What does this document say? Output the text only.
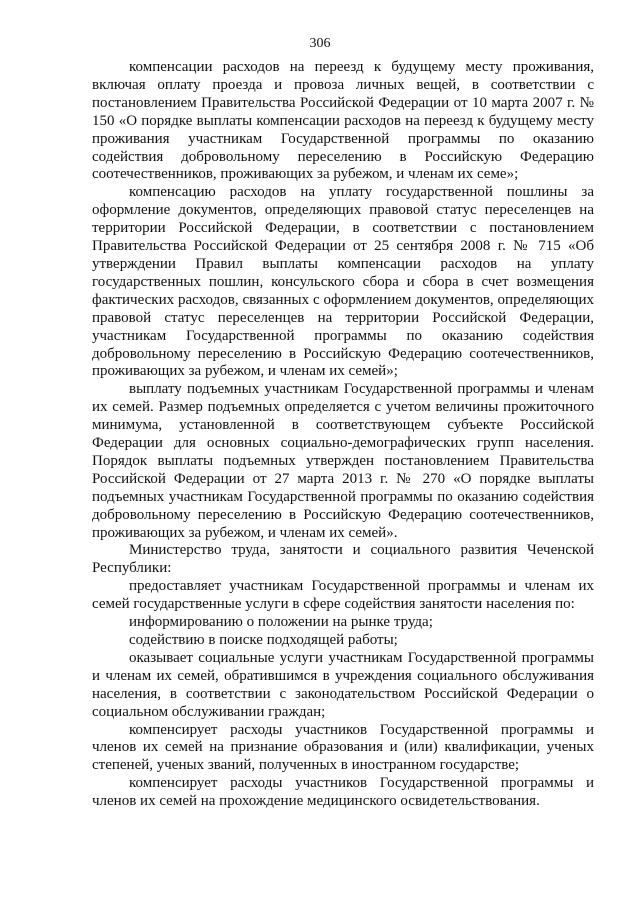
306

компенсации расходов на переезд к будущему месту проживания, включая оплату проезда и провоза личных вещей, в соответствии с постановлением Правительства Российской Федерации от 10 марта 2007 г. № 150 «О порядке выплаты компенсации расходов на переезд к будущему месту проживания участникам Государственной программы по оказанию содействия добровольному переселению в Российскую Федерацию соотечественников, проживающих за рубежом, и членам их семе»;

компенсацию расходов на уплату государственной пошлины за оформление документов, определяющих правовой статус переселенцев на территории Российской Федерации, в соответствии с постановлением Правительства Российской Федерации от 25 сентября 2008 г. № 715 «Об утверждении Правил выплаты компенсации расходов на уплату государственных пошлин, консульского сбора и сбора в счет возмещения фактических расходов, связанных с оформлением документов, определяющих правовой статус переселенцев на территории Российской Федерации, участникам Государственной программы по оказанию содействия добровольному переселению в Российскую Федерацию соотечественников, проживающих за рубежом, и членам их семей»;

выплату подъемных участникам Государственной программы и членам их семей. Размер подъемных определяется с учетом величины прожиточного минимума, установленной в соответствующем субъекте Российской Федерации для основных социально-демографических групп населения. Порядок выплаты подъемных утвержден постановлением Правительства Российской Федерации от 27 марта 2013 г. № 270 «О порядке выплаты подъемных участникам Государственной программы по оказанию содействия добровольному переселению в Российскую Федерацию соотечественников, проживающих за рубежом, и членам их семей».

Министерство труда, занятости и социального развития Чеченской Республики:

предоставляет участникам Государственной программы и членам их семей государственные услуги в сфере содействия занятости населения по:

информированию о положении на рынке труда;

содействию в поиске подходящей работы;

оказывает социальные услуги участникам Государственной программы и членам их семей, обратившимся в учреждения социального обслуживания населения, в соответствии с законодательством Российской Федерации о социальном обслуживании граждан;

компенсирует расходы участников Государственной программы и членов их семей на признание образования и (или) квалификации, ученых степеней, ученых званий, полученных в иностранном государстве;

компенсирует расходы участников Государственной программы и членов их семей на прохождение медицинского освидетельствования.
